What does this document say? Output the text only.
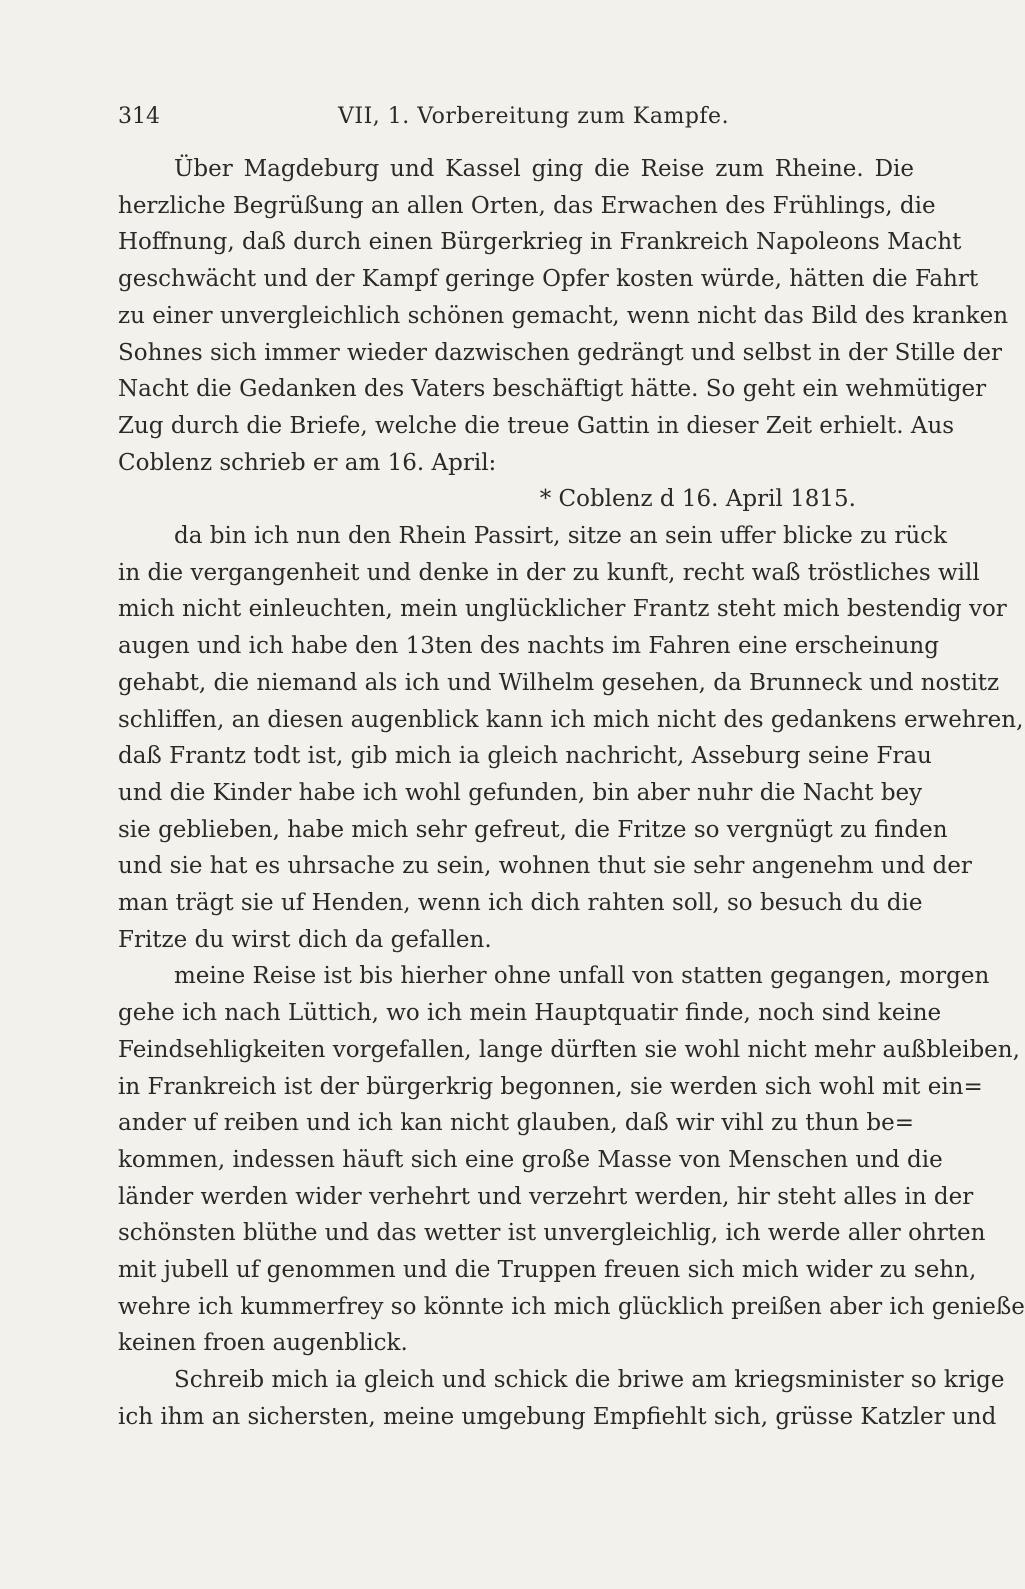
314	VII, 1. Vorbereitung zum Kampfe.
Über Magdeburg und Kassel ging die Reise zum Rheine. Die
herzliche Begrüßung an allen Orten, das Erwachen des Frühlings, die
Hoffnung, daß durch einen Bürgerkrieg in Frankreich Napoleons Macht
geschwächt und der Kampf geringe Opfer kosten würde, hätten die Fahrt
zu einer unvergleichlich schönen gemacht, wenn nicht das Bild des kranken
Sohnes sich immer wieder dazwischen gedrängt und selbst in der Stille der
Nacht die Gedanken des Vaters beschäftigt hätte. So geht ein wehmütiger
Zug durch die Briefe, welche die treue Gattin in dieser Zeit erhielt. Aus
Coblenz schrieb er am 16. April:
* Coblenz d 16. April 1815.
da bin ich nun den Rhein Passirt, sitze an sein uffer blicke zu rück
in die vergangenheit und denke in der zu kunft, recht waß tröstliches will
mich nicht einleuchten, mein unglücklicher Frantz steht mich bestendig vor
augen und ich habe den 13ten des nachts im Fahren eine erscheinung
gehabt, die niemand als ich und Wilhelm gesehen, da Brunneck und nostitz
schliffen, an diesen augenblick kann ich mich nicht des gedankens erwehren,
daß Frantz todt ist, gib mich ia gleich nachricht, Asseburg seine Frau
und die Kinder habe ich wohl gefunden, bin aber nuhr die Nacht bey
sie geblieben, habe mich sehr gefreut, die Fritze so vergnügt zu finden
und sie hat es uhrsache zu sein, wohnen thut sie sehr angenehm und der
man trägt sie uf Henden, wenn ich dich rahten soll, so besuch du die
Fritze du wirst dich da gefallen.
meine Reise ist bis hierher ohne unfall von statten gegangen, morgen
gehe ich nach Lüttich, wo ich mein Hauptquatir finde, noch sind keine
Feindsehligkeiten vorgefallen, lange dürften sie wohl nicht mehr außbleiben,
in Frankreich ist der bürgerkrig begonnen, sie werden sich wohl mit ein=
ander uf reiben und ich kan nicht glauben, daß wir vihl zu thun be=
kommen, indessen häuft sich eine große Masse von Menschen und die
länder werden wider verhehrt und verzehrt werden, hir steht alles in der
schönsten blüthe und das wetter ist unvergleichlig, ich werde aller ohrten
mit jubell uf genommen und die Truppen freuen sich mich wider zu sehn,
wehre ich kummerfrey so könnte ich mich glücklich preißen aber ich genieße
keinen froen augenblick.
Schreib mich ia gleich und schick die briwe am kriegsminister so krige
ich ihm an sichersten, meine umgebung Empfiehlt sich, grüsse Katzler und
